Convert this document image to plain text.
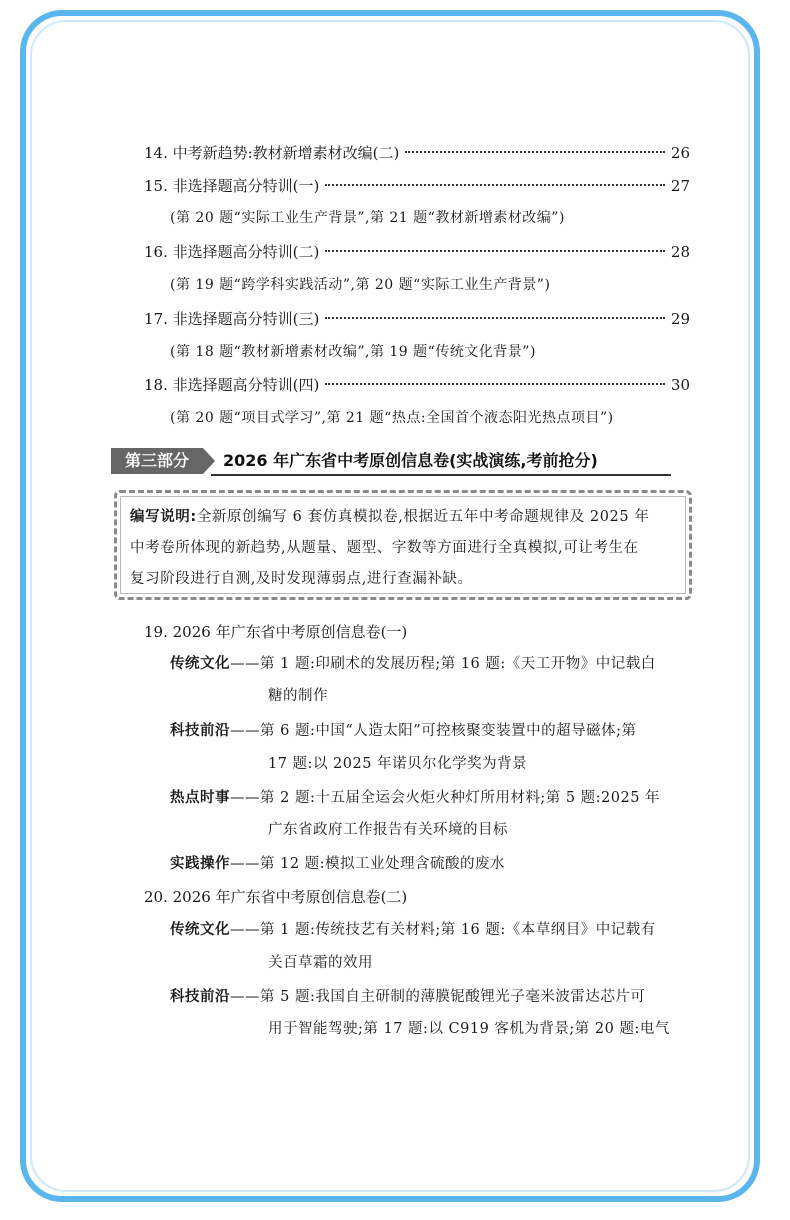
14. 中考新趋势:教材新增素材改编(二)	26
15. 非选择题高分特训(一)	27
(第 20 题“实际工业生产背景”,第 21 题“教材新增素材改编”)
16. 非选择题高分特训(二)	28
(第 19 题“跨学科实践活动”,第 20 题“实际工业生产背景”)
17. 非选择题高分特训(三)	29
(第 18 题“教材新增素材改编”,第 19 题“传统文化背景”)
18. 非选择题高分特训(四)	30
(第 20 题“项目式学习”,第 21 题“热点:全国首个液态阳光热点项目”)
第三部分	2026 年广东省中考原创信息卷(实战演练,考前抢分)
编写说明:全新原创编写 6 套仿真模拟卷,根据近五年中考命题规律及 2025 年
中考卷所体现的新趋势,从题量、题型、字数等方面进行全真模拟,可让考生在
复习阶段进行自测,及时发现薄弱点,进行查漏补缺。
19. 2026 年广东省中考原创信息卷(一)
传统文化——第 1 题:印刷术的发展历程;第 16 题:《天工开物》中记载白
糖的制作
科技前沿——第 6 题:中国“人造太阳”可控核聚变装置中的超导磁体;第
17 题:以 2025 年诺贝尔化学奖为背景
热点时事——第 2 题:十五届全运会火炬火种灯所用材料;第 5 题:2025 年
广东省政府工作报告有关环境的目标
实践操作——第 12 题:模拟工业处理含硫酸的废水
20. 2026 年广东省中考原创信息卷(二)
传统文化——第 1 题:传统技艺有关材料;第 16 题:《本草纲目》中记载有
关百草霜的效用
科技前沿——第 5 题:我国自主研制的薄膜铌酸锂光子毫米波雷达芯片可
用于智能驾驶;第 17 题:以 C919 客机为背景;第 20 题:电气
